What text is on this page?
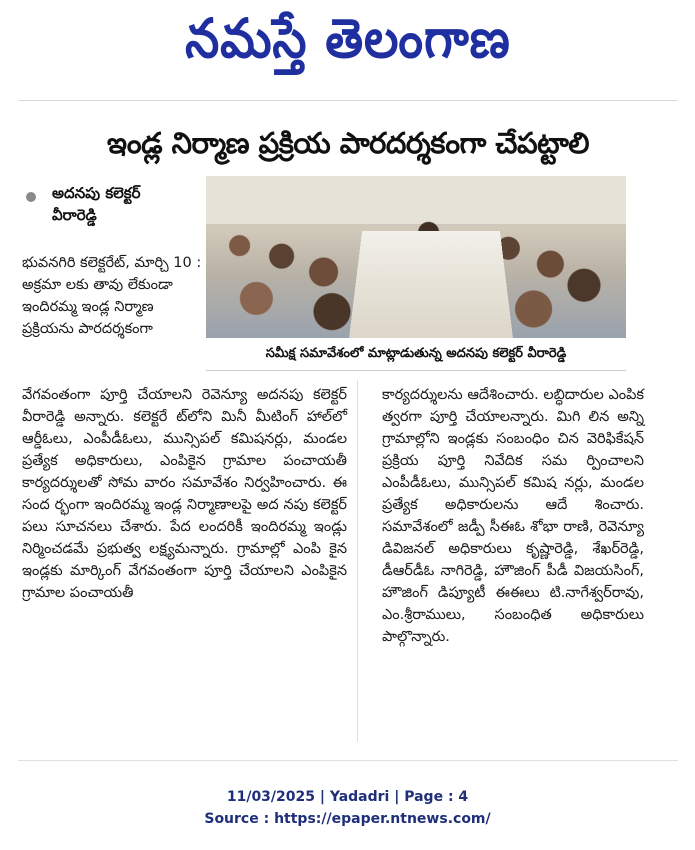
నమస్తే తెలంగాణ
ఇండ్ల నిర్మాణ ప్రక్రియ పారదర్శకంగా చేపట్టాలి
అదనపు కలెక్టర్
వీరారెడ్డి
సమీక్ష సమావేశంలో మాట్లాడుతున్న అదనపు కలెక్టర్ వీరారెడ్డి

భువనగిరి కలెక్టరేట్, మార్చి 10 : అక్రమా లకు తావు లేకుండా ఇందిరమ్మ ఇండ్ల నిర్మాణ ప్రక్రియను పారదర్శకంగా

వేగవంతంగా పూర్తి చేయాలని రెవెన్యూ అదనపు కలెక్టర్ వీరారెడ్డి అన్నారు. కలెక్టరే ట్‌లోని మినీ మీటింగ్ హాల్‌లో ఆర్డీఓలు, ఎంపీడీఓలు, మున్సిపల్ కమిషనర్లు, మండల ప్రత్యేక అధికారులు, ఎంపికైన గ్రామాల పంచాయతీ కార్యదర్శులతో సోమ వారం సమావేశం నిర్వహించారు. ఈ సంద ర్భంగా ఇందిరమ్మ ఇండ్ల నిర్మాణాలపై అద నపు కలెక్టర్ పలు సూచనలు చేశారు. పేద లందరికీ ఇందిరమ్మ ఇండ్లు నిర్మించడమే ప్రభుత్వ లక్ష్యమన్నారు. గ్రామాల్లో ఎంపి కైన ఇండ్లకు మార్కింగ్ వేగవంతంగా పూర్తి చేయాలని ఎంపికైన గ్రామాల పంచాయతీ

కార్యదర్శులను ఆదేశించారు. లబ్ధిదారుల ఎంపిక త్వరగా పూర్తి చేయాలన్నారు. మిగి లిన అన్ని గ్రామాల్లోని ఇండ్లకు సంబంధిం చిన వెరిఫికేషన్ ప్రక్రియ పూర్తి నివేదిక సమ ర్పించాలని ఎంపీడీఓలు, మున్సిపల్ కమిష నర్లు, మండల ప్రత్యేక అధికారులను ఆదే శించారు. సమావేశంలో జడ్పీ సీఈఓ శోభా రాణి, రెవెన్యూ డివిజనల్ అధికారులు కృష్ణారెడ్డి, శేఖర్‌రెడ్డి, డీఆర్‌డీఓ నాగిరెడ్డి, హౌజింగ్ పీడీ విజయసింగ్, హౌజింగ్ డిప్యూటీ ఈఈలు టి.నాగేశ్వర్‌రావు, ఎం.శ్రీరాములు, సంబంధిత అధికారులు పాల్గొన్నారు.

11/03/2025 | Yadadri | Page : 4
Source : https://epaper.ntnews.com/
